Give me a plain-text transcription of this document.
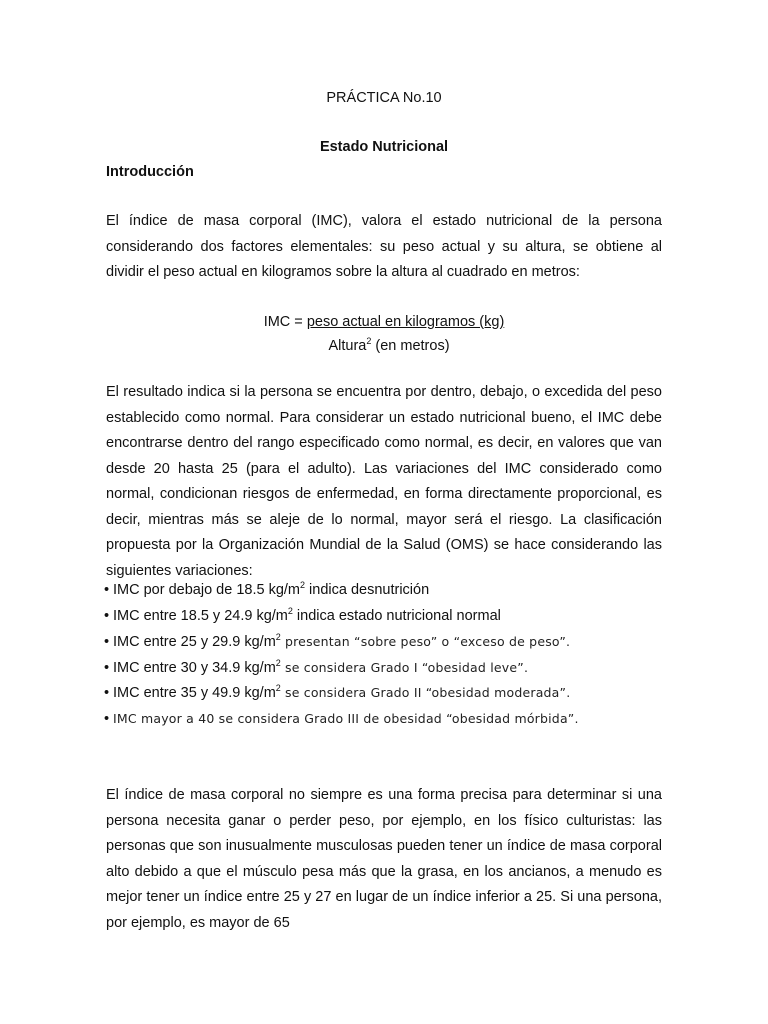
PRÁCTICA No.10
Estado Nutricional
Introducción

El índice de masa corporal (IMC), valora el estado nutricional de la persona considerando dos factores elementales: su peso actual y su altura, se obtiene al dividir el peso actual en kilogramos sobre la altura al cuadrado en metros:

IMC = peso actual en kilogramos (kg)
Altura$^2$ (en metros)

El resultado indica si la persona se encuentra por dentro, debajo, o excedida del peso establecido como normal. Para considerar un estado nutricional bueno, el IMC debe encontrarse dentro del rango especificado como normal, es decir, en valores que van desde 20 hasta 25 (para el adulto). Las variaciones del IMC considerado como normal, condicionan riesgos de enfermedad, en forma directamente proporcional, es decir, mientras más se aleje de lo normal, mayor será el riesgo. La clasificación propuesta por la Organización Mundial de la Salud (OMS) se hace considerando las siguientes variaciones:

• IMC por debajo de 18.5 $kg/m^2$ indica desnutrición
• IMC entre 18.5 y 24.9 $kg/m^2$ indica estado nutricional normal
• IMC entre 25 y 29.9 $kg/m^2$ presentan “sobre peso” o “exceso de peso”.
• IMC entre 30 y 34.9 $kg/m^2$ se considera Grado I “obesidad leve”.
• IMC entre 35 y 49.9 $kg/m^2$ se considera Grado II “obesidad moderada”.
• IMC mayor a 40 se considera Grado III de obesidad “obesidad mórbida”.

El índice de masa corporal no siempre es una forma precisa para determinar si una persona necesita ganar o perder peso, por ejemplo, en los físico culturistas: las personas que son inusualmente musculosas pueden tener un índice de masa corporal alto debido a que el músculo pesa más que la grasa, en los ancianos, a menudo es mejor tener un índice entre 25 y 27 en lugar de un índice inferior a 25. Si una persona, por ejemplo, es mayor de 65
